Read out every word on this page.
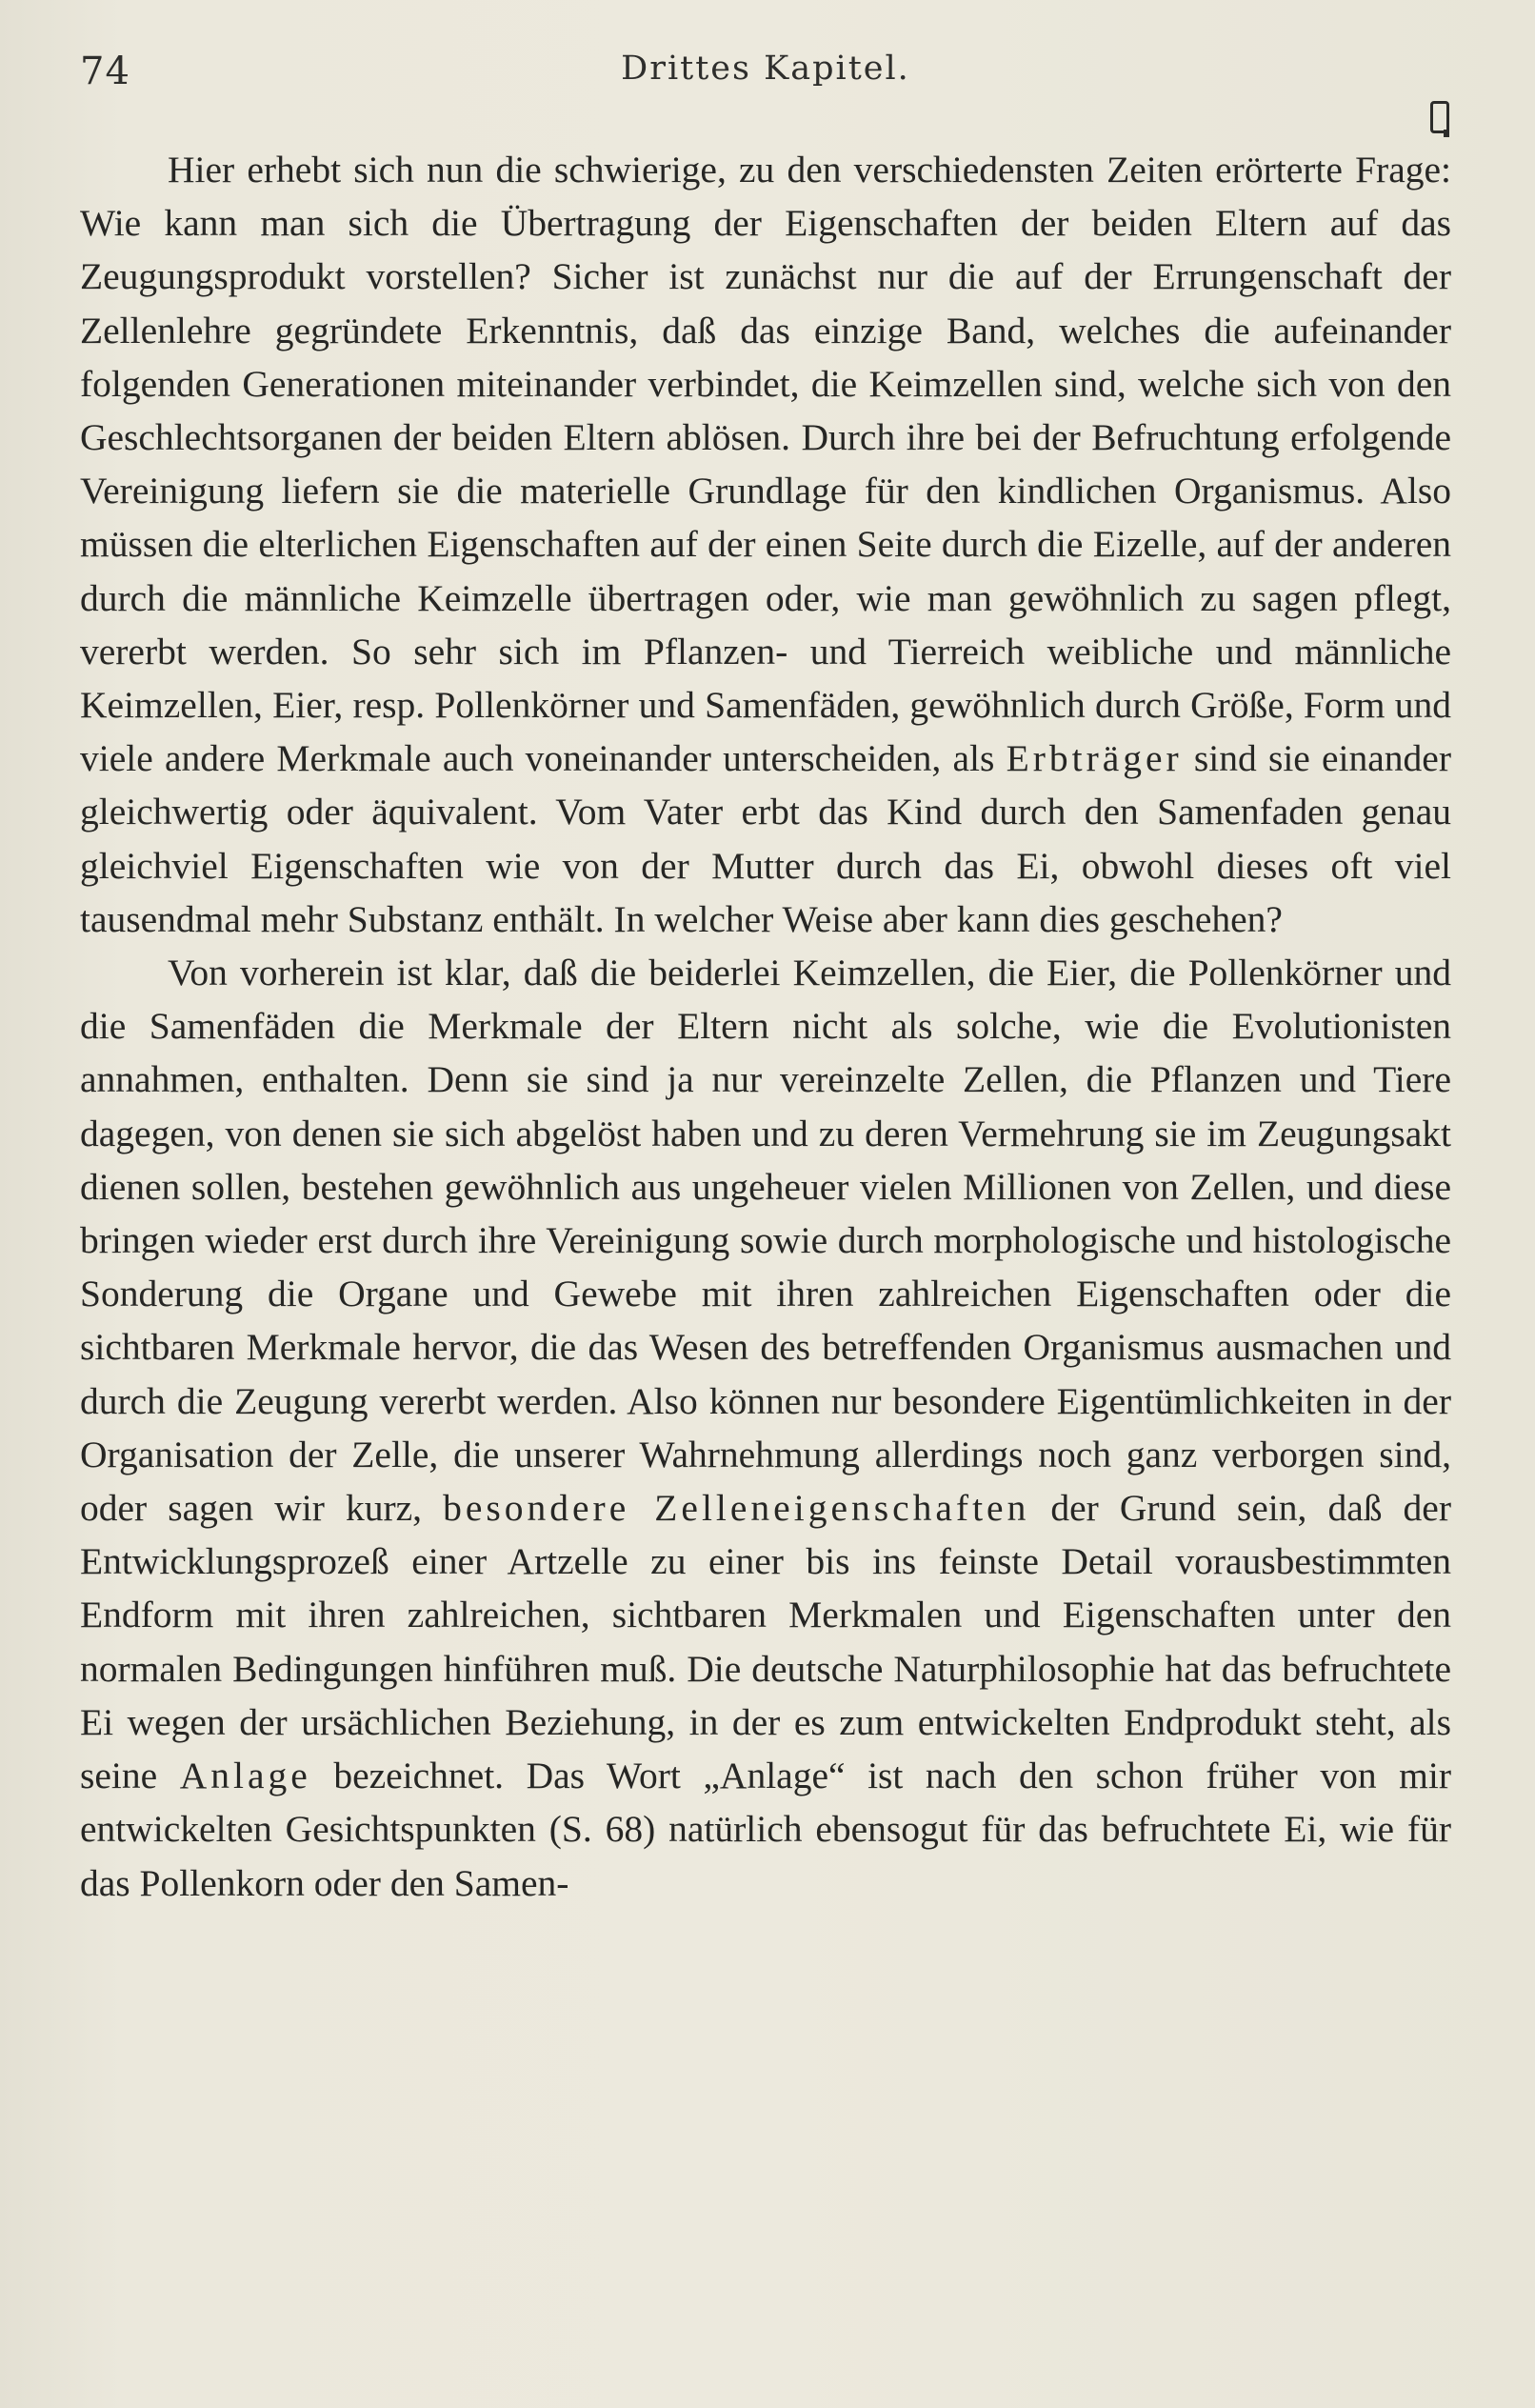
74	Drittes Kapitel.

Hier erhebt sich nun die schwierige, zu den verschiedensten Zeiten erörterte Frage: Wie kann man sich die Übertragung der Eigenschaften der beiden Eltern auf das Zeugungsprodukt vorstellen? Sicher ist zunächst nur die auf der Errungenschaft der Zellenlehre gegründete Erkenntnis, daß das einzige Band, welches die aufeinander folgenden Generationen miteinander verbindet, die Keimzellen sind, welche sich von den Geschlechtsorganen der beiden Eltern ablösen. Durch ihre bei der Befruchtung erfolgende Vereinigung liefern sie die materielle Grundlage für den kindlichen Organismus. Also müssen die elterlichen Eigenschaften auf der einen Seite durch die Eizelle, auf der anderen durch die männliche Keimzelle übertragen oder, wie man gewöhnlich zu sagen pflegt, vererbt werden. So sehr sich im Pflanzen- und Tierreich weibliche und männliche Keimzellen, Eier, resp. Pollenkörner und Samenfäden, gewöhnlich durch Größe, Form und viele andere Merkmale auch voneinander unterscheiden, als Erbträger sind sie einander gleichwertig oder äquivalent. Vom Vater erbt das Kind durch den Samenfaden genau gleichviel Eigenschaften wie von der Mutter durch das Ei, obwohl dieses oft viel tausendmal mehr Substanz enthält. In welcher Weise aber kann dies geschehen?

Von vorherein ist klar, daß die beiderlei Keimzellen, die Eier, die Pollenkörner und die Samenfäden die Merkmale der Eltern nicht als solche, wie die Evolutionisten annahmen, enthalten. Denn sie sind ja nur vereinzelte Zellen, die Pflanzen und Tiere dagegen, von denen sie sich abgelöst haben und zu deren Vermehrung sie im Zeugungsakt dienen sollen, bestehen gewöhnlich aus ungeheuer vielen Millionen von Zellen, und diese bringen wieder erst durch ihre Vereinigung sowie durch morphologische und histologische Sonderung die Organe und Gewebe mit ihren zahlreichen Eigenschaften oder die sichtbaren Merkmale hervor, die das Wesen des betreffenden Organismus ausmachen und durch die Zeugung vererbt werden. Also können nur besondere Eigentümlichkeiten in der Organisation der Zelle, die unserer Wahrnehmung allerdings noch ganz verborgen sind, oder sagen wir kurz, besondere Zelleneigenschaften der Grund sein, daß der Entwicklungsprozeß einer Artzelle zu einer bis ins feinste Detail vorausbestimmten Endform mit ihren zahlreichen, sichtbaren Merkmalen und Eigenschaften unter den normalen Bedingungen hinführen muß. Die deutsche Naturphilosophie hat das befruchtete Ei wegen der ursächlichen Beziehung, in der es zum entwickelten Endprodukt steht, als seine Anlage bezeichnet. Das Wort „Anlage“ ist nach den schon früher von mir entwickelten Gesichtspunkten (S. 68) natürlich ebensogut für das befruchtete Ei, wie für das Pollenkorn oder den Samen-
